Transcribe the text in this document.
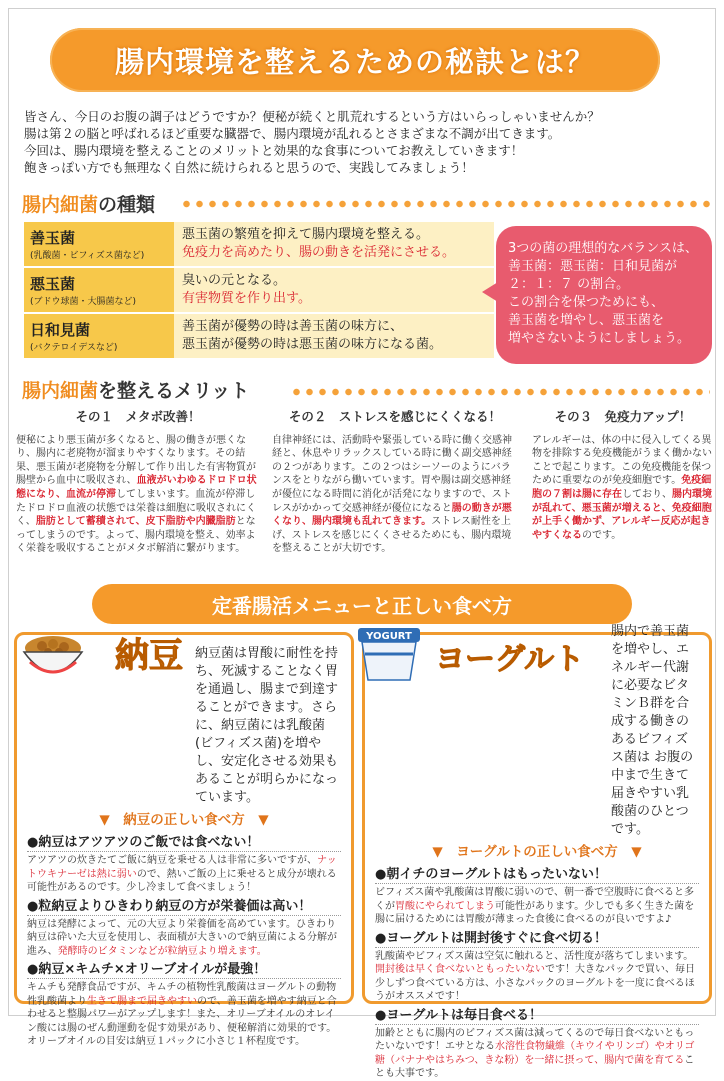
腸内環境を整えるための秘訣とは？
皆さん、今日のお腹の調子はどうですか？便秘が続くと肌荒れするという方はいらっしゃいませんか？
腸は第２の脳と呼ばれるほど重要な臓器で、腸内環境が乱れるとさまざまな不調が出てきます。
今回は、腸内環境を整えることのメリットと効果的な食事についてお教えしていきます！
飽きっぽい方でも無理なく自然に続けられると思うので、実践してみましょう！
腸内細菌の種類
善玉菌
(乳酸菌・ビフィズス菌など)
悪玉菌の繁殖を抑えて腸内環境を整える。
免疫力を高めたり、腸の動きを活発にさせる。
悪玉菌
(ブドウ球菌・大腸菌など)
臭いの元となる。
有害物質を作り出す。
日和見菌
(バクテロイデスなど)
善玉菌が優勢の時は善玉菌の味方に、
悪玉菌が優勢の時は悪玉菌の味方になる菌。
3つの菌の理想的なバランスは、
善玉菌：悪玉菌：日和見菌が
２：１：７ の割合。
この割合を保つためにも、
善玉菌を増やし、悪玉菌を
増やさないようにしましょう。
腸内細菌を整えるメリット
その１　メタボ改善！

便秘により悪玉菌が多くなると、腸の働きが悪くなり、腸内に老廃物が溜まりやすくなります。その結果、悪玉菌が老廃物を分解して作り出した有害物質が腸壁から血中に吸収され、血液がいわゆるドロドロ状態になり、血流が停滞してしまいます。血流が停滞したドロドロ血液の状態では栄養は細胞に吸収されにくく、脂肪として蓄積されて、皮下脂肪や内臓脂肪となってしまうのです。よって、腸内環境を整え、効率よく栄養を吸収することがメタボ解消に繋がります。

その２　ストレスを感じにくくなる！

自律神経には、活動時や緊張している時に働く交感神経と、休息やリラックスしている時に働く副交感神経の２つがあります。この２つはシーソーのようにバランスをとりながら働いています。胃や腸は副交感神経が優位になる時間に消化が活発になりますので、ストレスがかかって交感神経が優位になると腸の動きが悪くなり、腸内環境も乱れてきます。ストレス耐性を上げ、ストレスを感じにくくさせるためにも、腸内環境を整えることが大切です。

その３　免疫力アップ！

アレルギーは、体の中に侵入してくる異物を排除する免疫機能がうまく働かないことで起こります。この免疫機能を保つために重要なのが免疫細胞です。免疫細胞の７割は腸に存在しており、腸内環境が乱れて、悪玉菌が増えると、免疫細胞が上手く働かず、アレルギー反応が起きやすくなるのです。

定番腸活メニューと正しい食べ方
納豆 納豆菌は胃酸に耐性を持ち、死滅することなく胃を通過し、腸まで到達することができます。さらに、納豆菌には乳酸菌(ビフィズス菌)を増やし、安定化させる効果もあることが明らかになっています。

▼　納豆の正しい食べ方　▼
●納豆はアツアツのご飯では食べない！

アツアツの炊きたてご飯に納豆を乗せる人は非常に多いですが、ナットウキナーゼは熱に弱いので、熱いご飯の上に乗せると成分が壊れる可能性があるのです。少し冷まして食べましょう！

●粒納豆よりひきわり納豆の方が栄養価は高い！

納豆は発酵によって、元の大豆より栄養価を高めています。ひきわり納豆は砕いた大豆を使用し、表面積が大きいので納豆菌による分解が進み、発酵時のビタミンなどが粒納豆より増えます。

●納豆×キムチ×オリーブオイルが最強！

キムチも発酵食品ですが、キムチの植物性乳酸菌はヨーグルトの動物性乳酸菌より生きて腸まで届きやすいので、善玉菌を増やす納豆と合わせると整腸パワーがアップします！また、オリーブオイルのオレイン酸には腸のぜん動運動を促す効果があり、便秘解消に効果的です。オリーブオイルの目安は納豆１パックに小さじ１杯程度です。

ヨーグルト

腸内で善玉菌を増やし、エネルギー代謝に必要なビタミンＢ群を合成する働きのあるビフィズス菌は お腹の中まで生きて届きやすい乳酸菌のひとつです。

▼　ヨーグルトの正しい食べ方　▼
●朝イチのヨーグルトはもったいない！

ビフィズス菌や乳酸菌は胃酸に弱いので、朝一番で空腹時に食べると多くが胃酸にやられてしまう可能性があります。少しでも多く生きた菌を腸に届けるためには胃酸が薄まった食後に食べるのが良いですよ♪

●ヨーグルトは開封後すぐに食べ切る！

乳酸菌やビフィズス菌は空気に触れると、活性度が落ちてしまいます。開封後は早く食べないともったいないです！大きなパックで買い、毎日少しずつ食べている方は、小さなパックのヨーグルトを一度に食べるほうがオススメです！

●ヨーグルトは毎日食べる！

加齢とともに腸内のビフィズス菌は減ってくるので毎日食べないともったいないです！エサとなる水溶性食物繊維（キウイやリンゴ）やオリゴ糖（バナナやはちみつ、きな粉）を一緒に摂って、腸内で菌を育てることも大事です。

YOGURT
